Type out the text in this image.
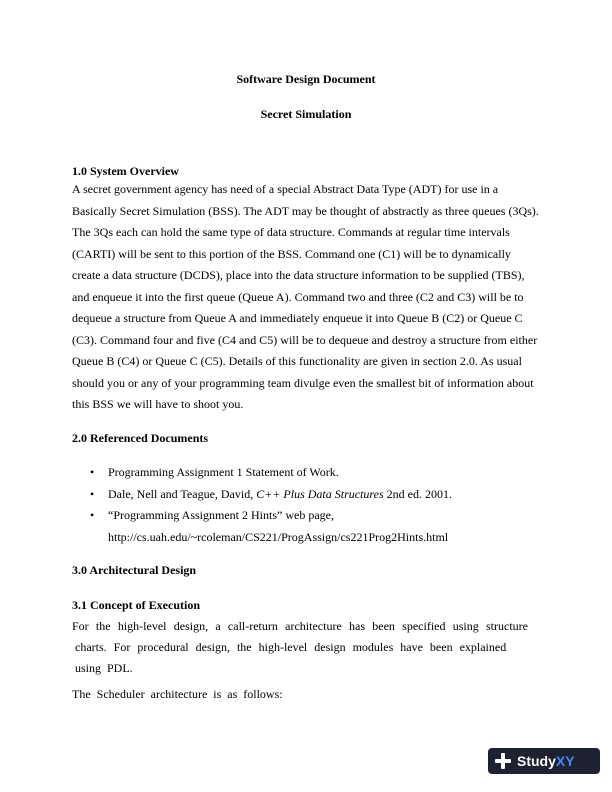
Software Design Document
Secret Simulation
1.0 System Overview
A secret government agency has need of a special Abstract Data Type (ADT) for use in a
Basically Secret Simulation (BSS). The ADT may be thought of abstractly as three queues (3Qs).
The 3Qs each can hold the same type of data structure. Commands at regular time intervals
(CARTI) will be sent to this portion of the BSS. Command one (C1) will be to dynamically
create a data structure (DCDS), place into the data structure information to be supplied (TBS),
and enqueue it into the first queue (Queue A). Command two and three (C2 and C3) will be to
dequeue a structure from Queue A and immediately enqueue it into Queue B (C2) or Queue C
(C3). Command four and five (C4 and C5) will be to dequeue and destroy a structure from either
Queue B (C4) or Queue C (C5). Details of this functionality are given in section 2.0. As usual
should you or any of your programming team divulge even the smallest bit of information about
this BSS we will have to shoot you.
2.0 Referenced Documents
• Programming Assignment 1 Statement of Work.
• Dale, Nell and Teague, David, C++ Plus Data Structures 2nd ed. 2001.
• “Programming Assignment 2 Hints” web page,
http://cs.uah.edu/~rcoleman/CS221/ProgAssign/cs221Prog2Hints.html
3.0 Architectural Design
3.1 Concept of Execution
For the high-level design, a call-return architecture has been specified using structure
charts. For procedural design, the high-level design modules have been explained
using PDL.
The Scheduler architecture is as follows:
StudyXY
